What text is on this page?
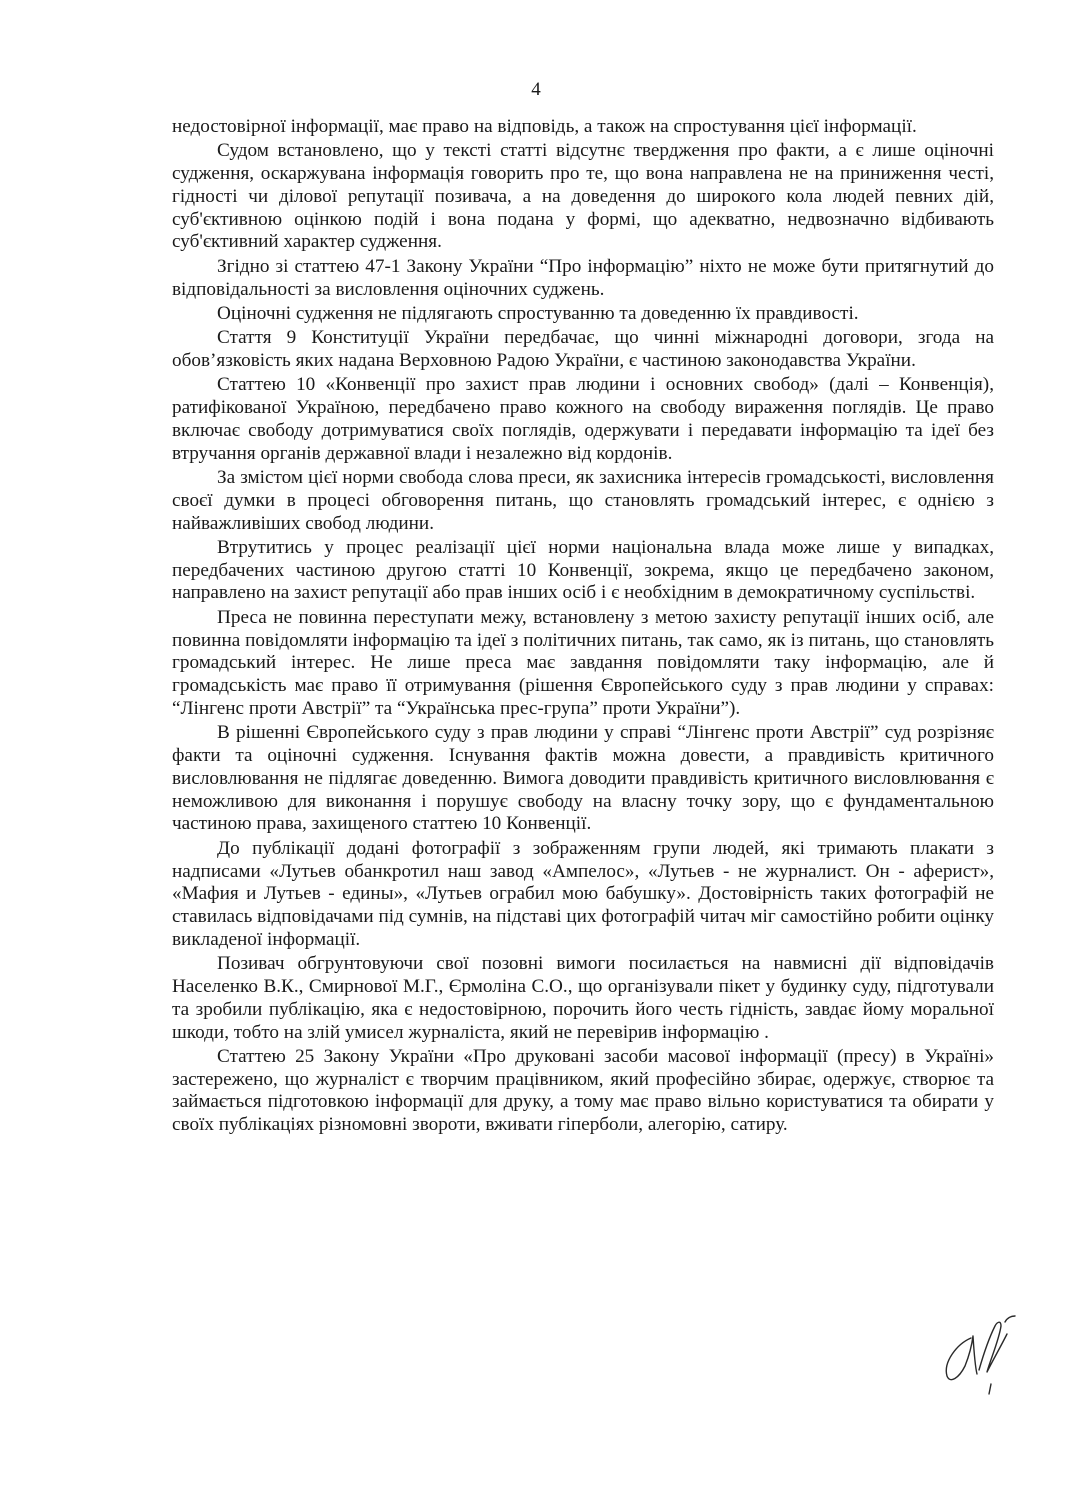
4

недостовірної інформації, має право на відповідь, а також на спростування цієї інформації.

Судом встановлено, що у тексті статті відсутнє твердження про факти, а є лише оціночні судження, оскаржувана інформація говорить про те, що вона направлена не на приниження честі, гідності чи ділової репутації позивача, а на доведення до широкого кола людей певних дій, суб'єктивною оцінкою подій і вона подана у формі, що адекватно, недвозначно відбивають суб'єктивний характер судження.

Згідно зі статтею 47-1 Закону України “Про інформацію” ніхто не може бути притягнутий до відповідальності за висловлення оціночних суджень.

Оціночні судження не підлягають спростуванню та доведенню їх правдивості.

Стаття 9 Конституції України передбачає, що чинні міжнародні договори, згода на обов’язковість яких надана Верховною Радою України, є частиною законодавства України.

Статтею 10 «Конвенції про захист прав людини і основних свобод» (далі – Конвенція), ратифікованої Україною, передбачено право кожного на свободу вираження поглядів. Це право включає свободу дотримуватися своїх поглядів, одержувати і передавати інформацію та ідеї без втручання органів державної влади і незалежно від кордонів.

За змістом цієї норми свобода слова преси, як захисника інтересів громадськості, висловлення своєї думки в процесі обговорення питань, що становлять громадський інтерес, є однією з найважливіших свобод людини.

Втрутитись у процес реалізації цієї норми національна влада може лише у випадках, передбачених частиною другою статті 10 Конвенції, зокрема, якщо це передбачено законом, направлено на захист репутації або прав інших осіб і є необхідним в демократичному суспільстві.

Преса не повинна переступати межу, встановлену з метою захисту репутації інших осіб, але повинна повідомляти інформацію та ідеї з політичних питань, так само, як із питань, що становлять громадський інтерес. Не лише преса має завдання повідомляти таку інформацію, але й громадськість має право її отримування (рішення Європейського суду з прав людини у справах: “Лінгенс проти Австрії” та “Українська прес-група” проти України”).

В рішенні Європейського суду з прав людини у справі “Лінгенс проти Австрії” суд розрізняє факти та оціночні судження. Існування фактів можна довести, а правдивість критичного висловлювання не підлягає доведенню. Вимога доводити правдивість критичного висловлювання є неможливою для виконання і порушує свободу на власну точку зору, що є фундаментальною частиною права, захищеного статтею 10 Конвенції.

До публікації додані фотографії з зображенням групи людей, які тримають плакати з надписами «Лутьев обанкротил наш завод «Ампелос», «Лутьев - не журналист. Он - аферист», «Мафия и Лутьев - едины», «Лутьев ограбил мою бабушку». Достовірність таких фотографій не ставилась відповідачами під сумнів, на підставі цих фотографій читач міг самостійно робити оцінку викладеної інформації.

Позивач обгрунтовуючи свої позовні вимоги посилається на навмисні дії відповідачів Населенко В.К., Смирнової М.Г., Єрмоліна С.О., що організували пікет у будинку суду, підготували та зробили публікацію, яка є недостовірною, порочить його честь гідність, завдає йому моральної шкоди, тобто на злій умисел журналіста, який не перевірив інформацію .

Статтею 25 Закону України «Про друковані засоби масової інформації (пресу) в Україні» застережено, що журналіст є творчим працівником, який професійно збирає, одержує, створює та займається підготовкою інформації для друку, а тому має право вільно користуватися та обирати у своїх публікаціях різномовні звороти, вживати гіперболи, алегорію, сатиру.
